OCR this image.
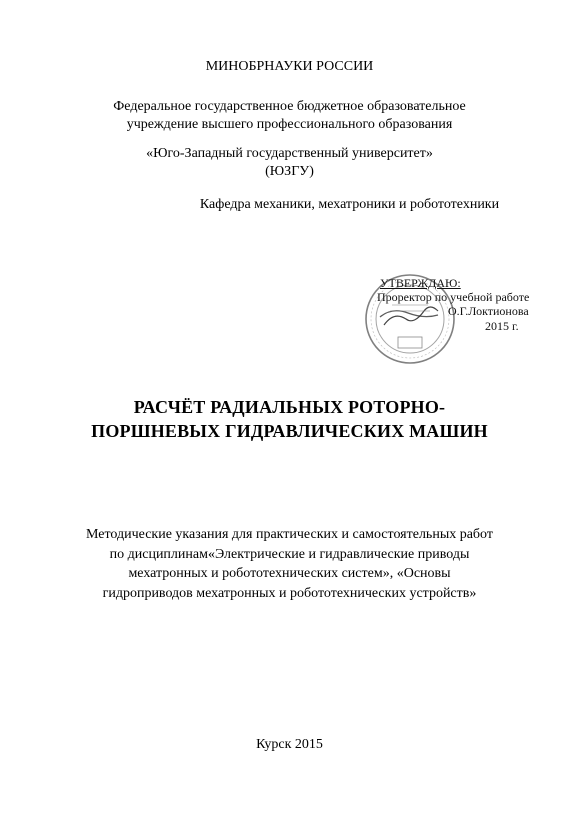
МИНОБРНАУКИ РОССИИ
Федеральное государственное бюджетное образовательное
учреждение высшего профессионального образования
«Юго-Западный государственный университет»
(ЮЗГУ)
Кафедра механики, мехатроники и робототехники
УТВЕРЖДАЮ:
Проректор по учебной работе
О.Г.Локтионова
2015 г.
РАСЧЁТ РАДИАЛЬНЫХ РОТОРНО-
ПОРШНЕВЫХ ГИДРАВЛИЧЕСКИХ МАШИН
Методические указания для практических и самостоятельных работ
по дисциплинам«Электрические и гидравлические приводы
мехатронных и робототехнических систем», «Основы
гидроприводов мехатронных и робототехнических устройств»
Курск 2015
